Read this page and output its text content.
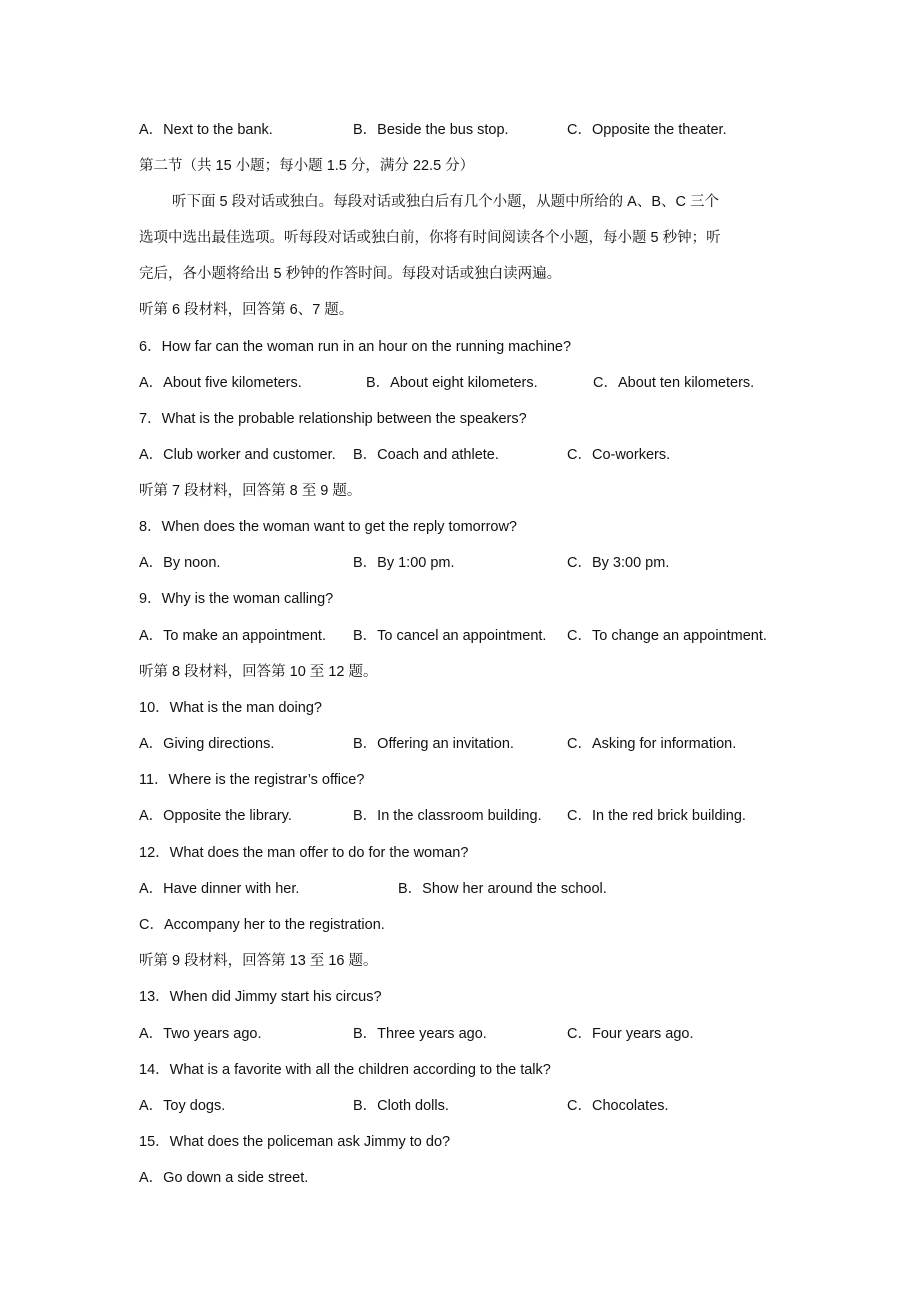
A．Next to the bank.	B．Beside the bus stop.	C．Opposite the theater.
第二节（共 15 小题；每小题 1.5 分，满分 22.5 分）
听下面 5 段对话或独白。每段对话或独白后有几个小题，从题中所给的 A、B、C 三个
选项中选出最佳选项。听每段对话或独白前，你将有时间阅读各个小题，每小题 5 秒钟；听
完后，各小题将给出 5 秒钟的作答时间。每段对话或独白读两遍。
听第 6 段材料，回答第 6、7 题。
6．How far can the woman run in an hour on the running machine?
A．About five kilometers.	B．About eight kilometers.	C．About ten kilometers.
7．What is the probable relationship between the speakers?
A．Club worker and customer. B．Coach and athlete.	C．Co-workers.
听第 7 段材料，回答第 8 至 9 题。
8．When does the woman want to get the reply tomorrow?
A．By noon.	B．By 1:00 pm.	C．By 3:00 pm.
9．Why is the woman calling?
A．To make an appointment. B．To cancel an appointment. C．To change an appointment.
听第 8 段材料，回答第 10 至 12 题。
10．What is the man doing?
A．Giving directions.	B．Offering an invitation.	C．Asking for information.
11．Where is the registrar’s office?
A．Opposite the library.	B．In the classroom building. C．In the red brick building.
12．What does the man offer to do for the woman?
A．Have dinner with her.	B．Show her around the school.
C．Accompany her to the registration.
听第 9 段材料，回答第 13 至 16 题。
13．When did Jimmy start his circus?
A．Two years ago.	B．Three years ago.	C．Four years ago.
14．What is a favorite with all the children according to the talk?
A．Toy dogs.	B．Cloth dolls.	C．Chocolates.
15．What does the policeman ask Jimmy to do?
A．Go down a side street.
